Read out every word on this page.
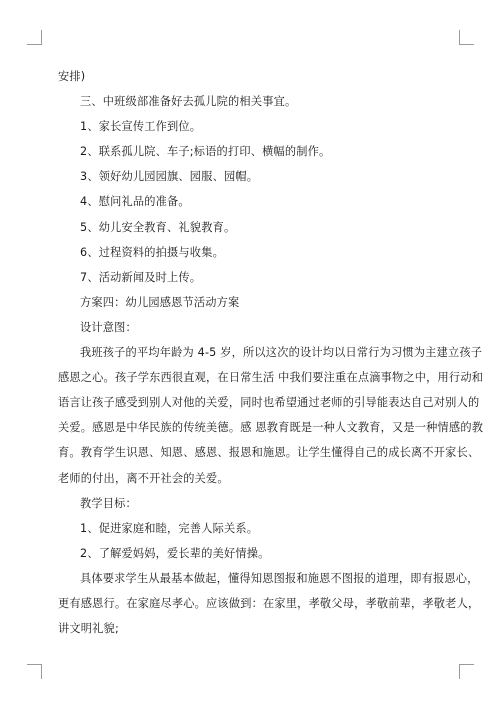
安排)

三、中班级部准备好去孤儿院的相关事宜。

1、家长宣传工作到位。

2、联系孤儿院、车子;标语的打印、横幅的制作。

3、领好幼儿园园旗、园服、园帽。

4、慰问礼品的准备。

5、幼儿安全教育、礼貌教育。

6、过程资料的拍摄与收集。

7、活动新闻及时上传。

方案四：幼儿园感恩节活动方案

设计意图：

我班孩子的平均年龄为 4-5 岁，所以这次的设计均以日常行为习惯为主建立孩子

感恩之心。孩子学东西很直观，在日常生活 中我们要注重在点滴事物之中，用行动和

语言让孩子感受到别人对他的关爱，同时也希望通过老师的引导能表达自己对别人的

关爱。感恩是中华民族的传统美德。感 恩教育既是一种人文教育，又是一种情感的教

育。教育学生识恩、知恩、感恩、报恩和施恩。让学生懂得自己的成长离不开家长、

老师的付出，离不开社会的关爱。

教学目标：

1、促进家庭和睦，完善人际关系。

2、了解爱妈妈，爱长辈的美好情操。

具体要求学生从最基本做起，懂得知恩图报和施恩不图报的道理，即有报恩心，

更有感恩行。在家庭尽孝心。应该做到：在家里，孝敬父母，孝敬前辈，孝敬老人，

讲文明礼貌;
